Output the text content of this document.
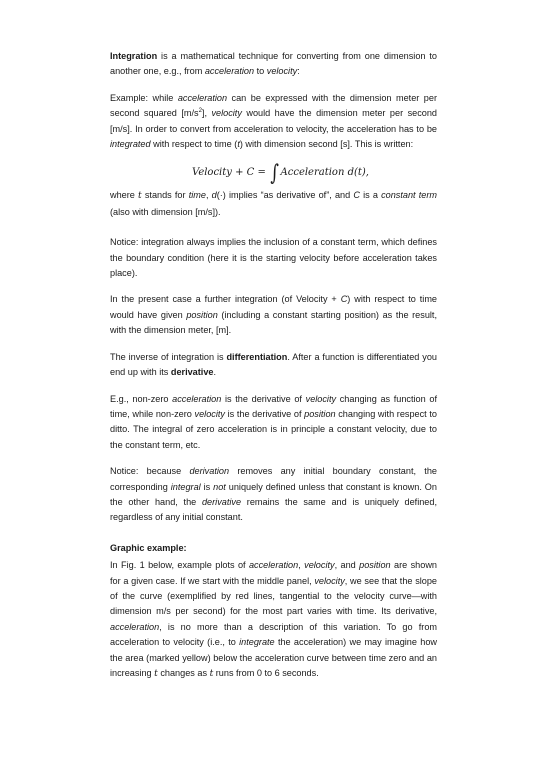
Integration is a mathematical technique for converting from one dimension to another one, e.g., from acceleration to velocity:

Example: while acceleration can be expressed with the dimension meter per second squared $[m/s^2]$, velocity would have the dimension meter per second [m/s]. In order to convert from acceleration to velocity, the acceleration has to be integrated with respect to time (t) with dimension second [s]. This is written:

Velocity + C = ∫Acceleration d(t),

where t stands for time, d(·) implies “as derivative of”, and C is a constant term (also with dimension [m/s]).

Notice: integration always implies the inclusion of a constant term, which defines the boundary condition (here it is the starting velocity before acceleration takes place).

In the present case a further integration (of Velocity + C) with respect to time would have given position (including a constant starting position) as the result, with the dimension meter, [m].

The inverse of integration is differentiation. After a function is differentiated you end up with its derivative.

E.g., non-zero acceleration is the derivative of velocity changing as function of time, while non-zero velocity is the derivative of position changing with respect to ditto. The integral of zero acceleration is in principle a constant velocity, due to the constant term, etc.

Notice: because derivation removes any initial boundary constant, the corresponding integral is not uniquely defined unless that constant is known. On the other hand, the derivative remains the same and is uniquely defined, regardless of any initial constant.

Graphic example:

In Fig. 1 below, example plots of acceleration, velocity, and position are shown for a given case. If we start with the middle panel, velocity, we see that the slope of the curve (exemplified by red lines, tangential to the velocity curve—with dimension m/s per second) for the most part varies with time. Its derivative, acceleration, is no more than a description of this variation. To go from acceleration to velocity (i.e., to integrate the acceleration) we may imagine how the area (marked yellow) below the acceleration curve between time zero and an increasing t changes as t runs from 0 to 6 seconds.
